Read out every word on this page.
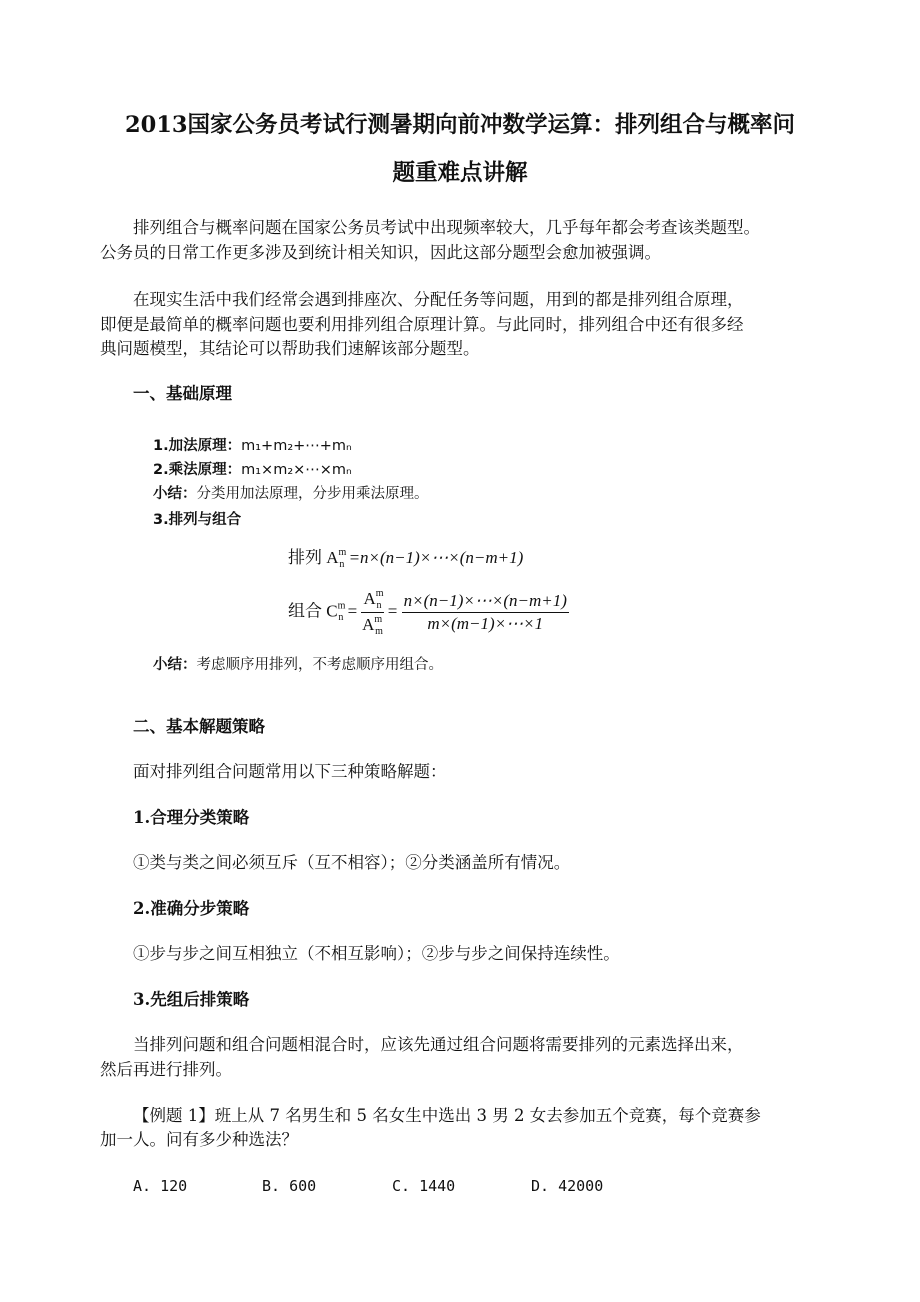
2013国家公务员考试行测暑期向前冲数学运算：排列组合与概率问
题重难点讲解
排列组合与概率问题在国家公务员考试中出现频率较大，几乎每年都会考查该类题型。
公务员的日常工作更多涉及到统计相关知识，因此这部分题型会愈加被强调。
在现实生活中我们经常会遇到排座次、分配任务等问题，用到的都是排列组合原理，
即便是最简单的概率问题也要利用排列组合原理计算。与此同时，排列组合中还有很多经
典问题模型，其结论可以帮助我们速解该部分题型。
一、基础原理
1.加法原理：m₁+m₂+⋯+mₙ
2.乘法原理：m₁×m₂×⋯×mₙ
小结：分类用加法原理，分步用乘法原理。
3.排列与组合
排列 $A^m_n$ =n×(n−1)×⋯×(n−m+1)
组合 $C^m_n = \frac{A^m_n}{A^m_m} = \frac{n\times(n-1)\times\cdots\times(n-m+1)}{m\times(m-1)\times\cdots\times 1}$
小结：考虑顺序用排列，不考虑顺序用组合。
二、基本解题策略
面对排列组合问题常用以下三种策略解题：
1.合理分类策略
①类与类之间必须互斥（互不相容）；②分类涵盖所有情况。
2.准确分步策略
①步与步之间互相独立（不相互影响）；②步与步之间保持连续性。
3.先组后排策略
当排列问题和组合问题相混合时，应该先通过组合问题将需要排列的元素选择出来，
然后再进行排列。
【例题 1】班上从 7 名男生和 5 名女生中选出 3 男 2 女去参加五个竞赛，每个竞赛参
加一人。问有多少种选法？
A. 120	B. 600	C. 1440	D. 42000
